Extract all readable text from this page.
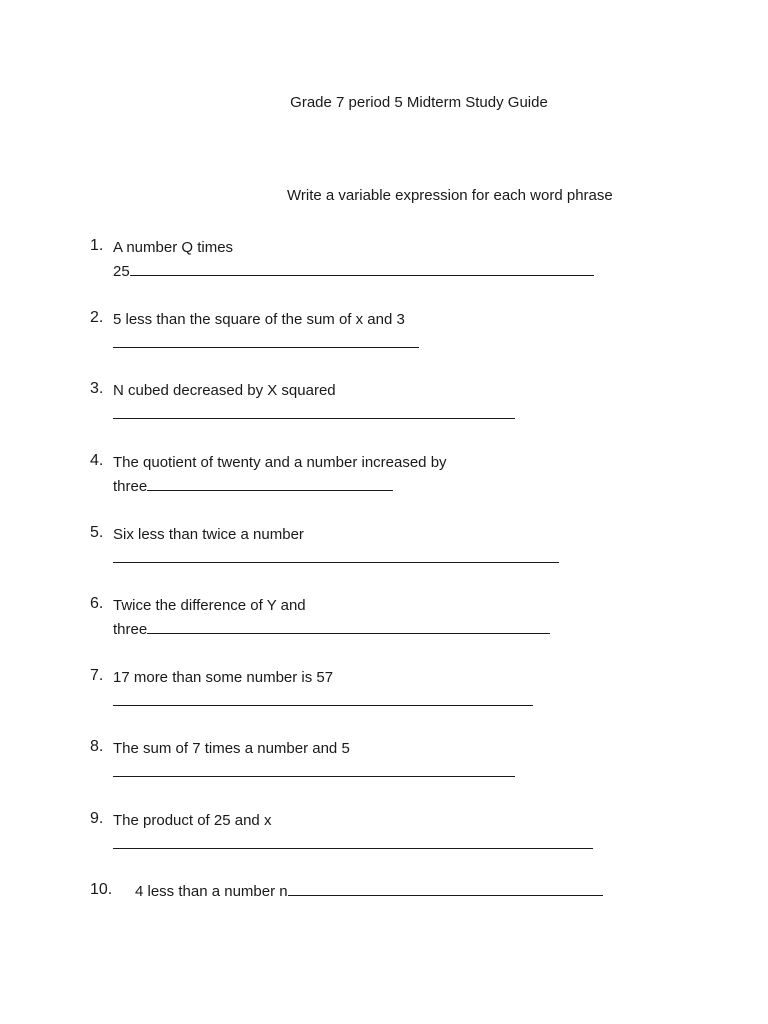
Grade 7 period 5 Midterm Study Guide
Write a variable expression for each word phrase
1. A number Q times
25
2. 5 less than the square of the sum of x and 3
3. N cubed decreased by X squared
4. The quotient of twenty and a number increased by
three
5. Six less than twice a number
6. Twice the difference of Y and
three
7. 17 more than some number is 57
8. The sum of 7 times a number and 5
9. The product of 25 and x
10. 4 less than a number n
